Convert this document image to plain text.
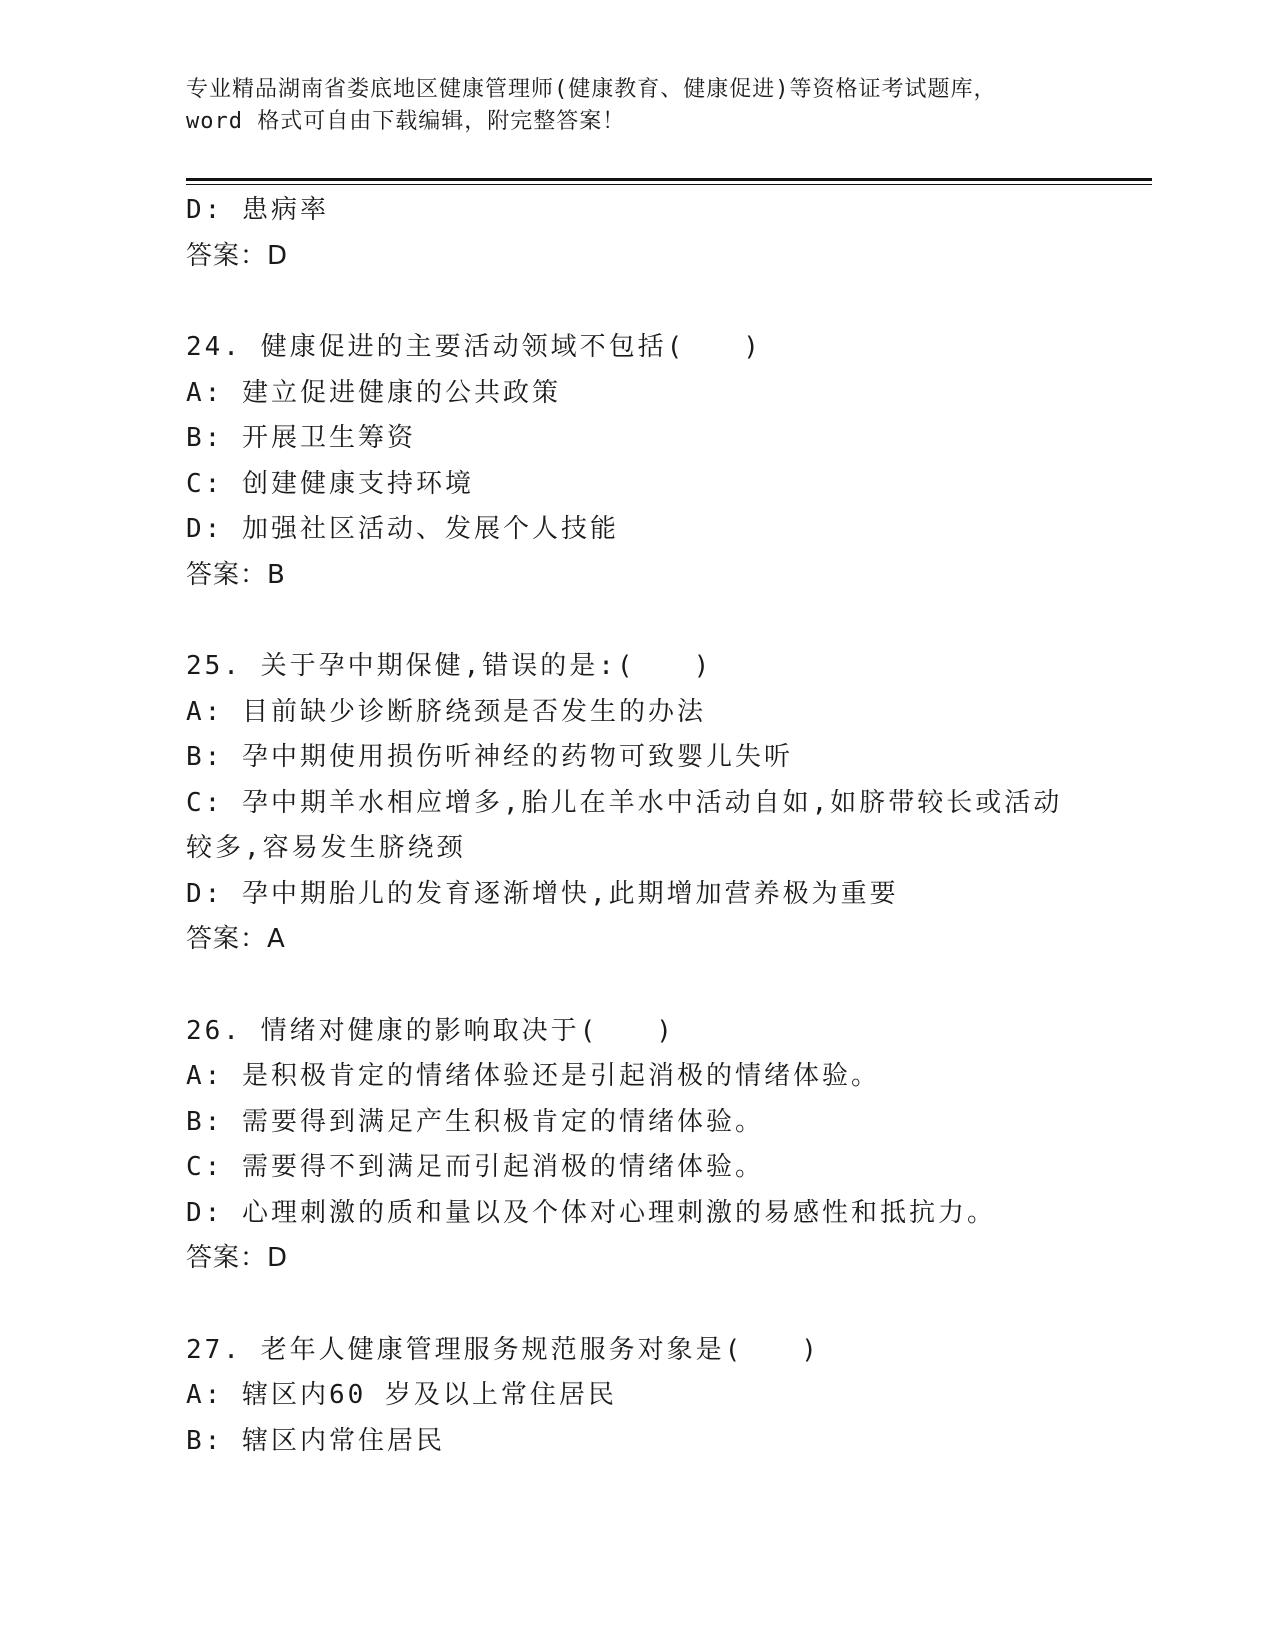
专业精品湖南省娄底地区健康管理师(健康教育、健康促进)等资格证考试题库，
word 格式可自由下载编辑，附完整答案！
D: 患病率
答案：D
24. 健康促进的主要活动领域不包括(　　)
A: 建立促进健康的公共政策
B: 开展卫生筹资
C: 创建健康支持环境
D: 加强社区活动、发展个人技能
答案：B
25. 关于孕中期保健,错误的是:(　　)
A: 目前缺少诊断脐绕颈是否发生的办法
B: 孕中期使用损伤听神经的药物可致婴儿失听
C: 孕中期羊水相应增多,胎儿在羊水中活动自如,如脐带较长或活动较多,容易发生脐绕颈
D: 孕中期胎儿的发育逐渐增快,此期增加营养极为重要
答案：A
26. 情绪对健康的影响取决于(　　)
A: 是积极肯定的情绪体验还是引起消极的情绪体验。
B: 需要得到满足产生积极肯定的情绪体验。
C: 需要得不到满足而引起消极的情绪体验。
D: 心理刺激的质和量以及个体对心理刺激的易感性和抵抗力。
答案：D
27. 老年人健康管理服务规范服务对象是(　　)
A: 辖区内60 岁及以上常住居民
B: 辖区内常住居民
